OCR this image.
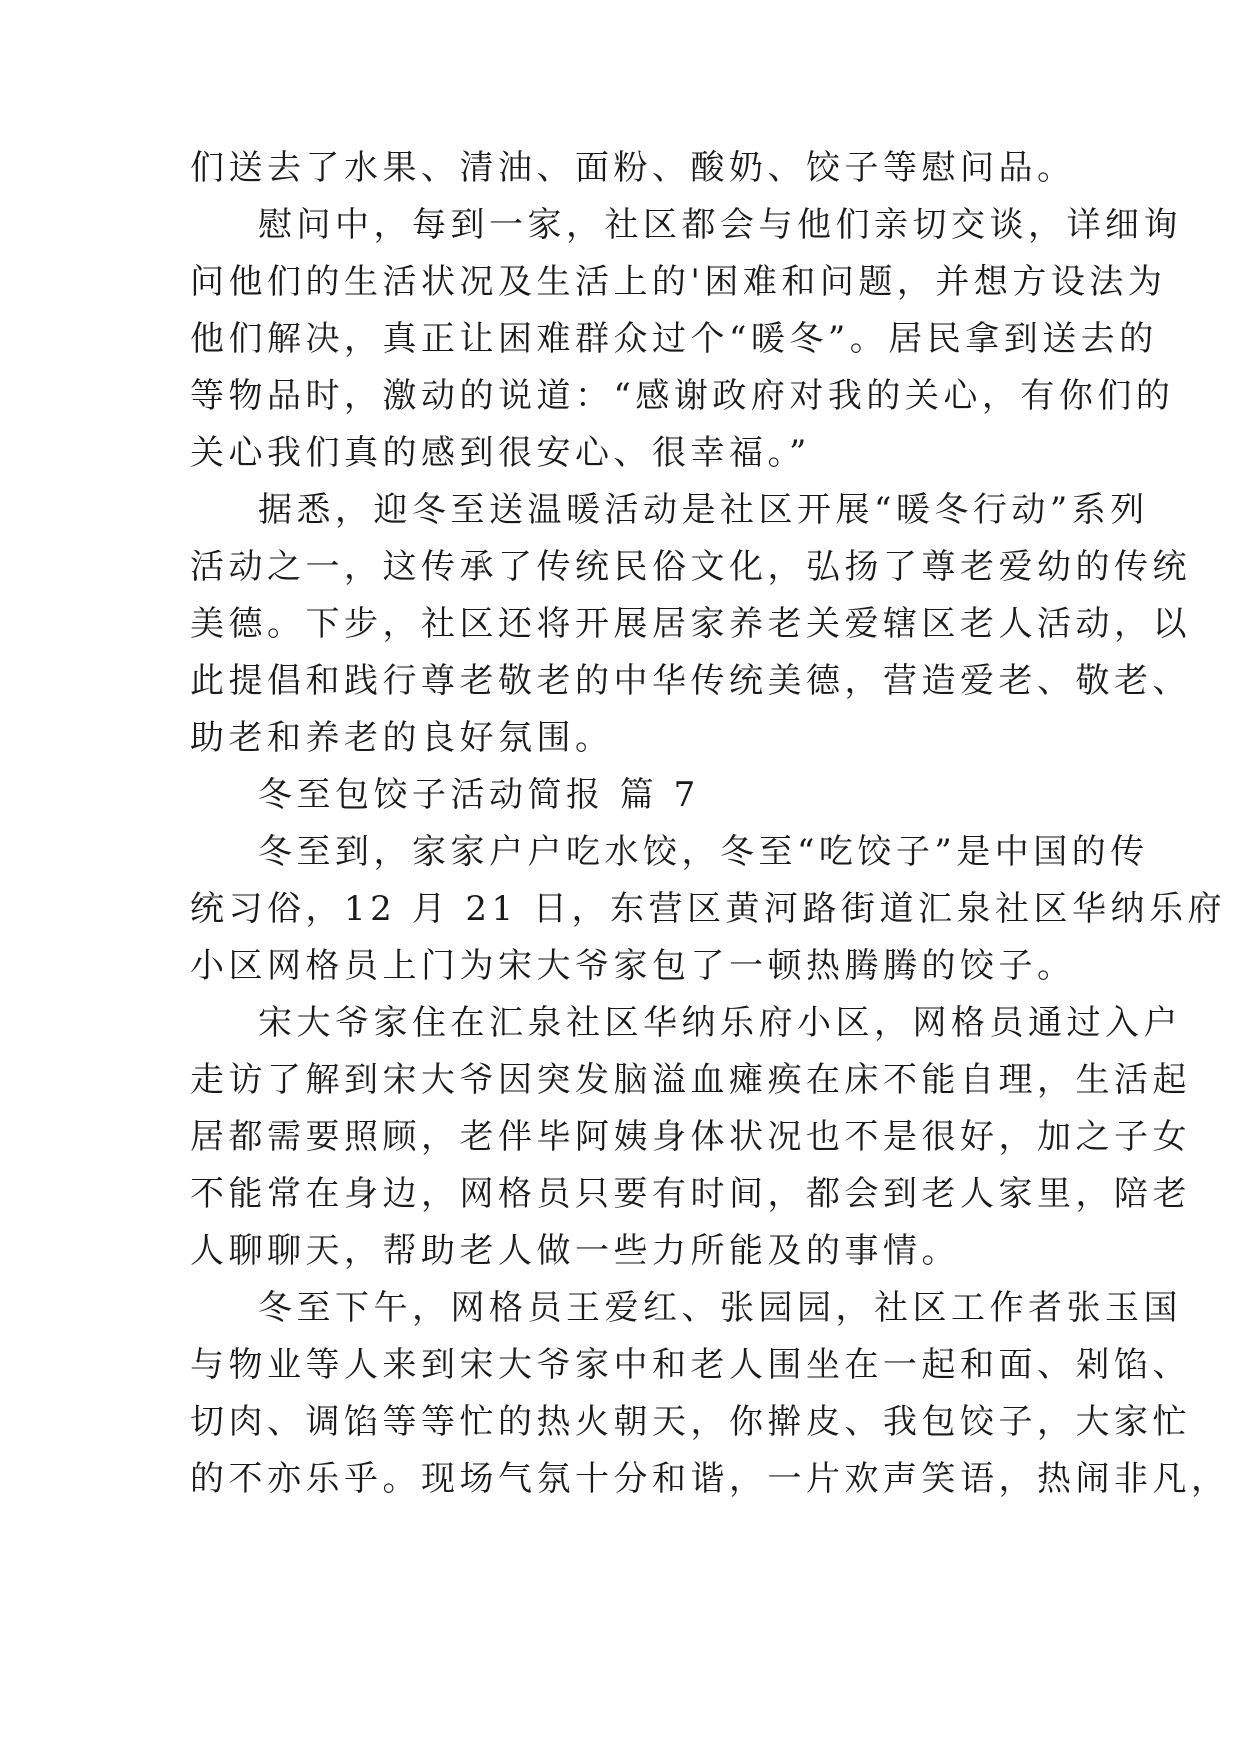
们送去了水果、清油、面粉、酸奶、饺子等慰问品。
慰问中，每到一家，社区都会与他们亲切交谈，详细询
问他们的生活状况及生活上的'困难和问题，并想方设法为
他们解决，真正让困难群众过个“暖冬”。居民拿到送去的
等物品时，激动的说道：“感谢政府对我的关心，有你们的
关心我们真的感到很安心、很幸福。”
据悉，迎冬至送温暖活动是社区开展“暖冬行动”系列
活动之一，这传承了传统民俗文化，弘扬了尊老爱幼的传统
美德。下步，社区还将开展居家养老关爱辖区老人活动，以
此提倡和践行尊老敬老的中华传统美德，营造爱老、敬老、
助老和养老的良好氛围。
冬至包饺子活动简报 篇 7
冬至到，家家户户吃水饺，冬至“吃饺子”是中国的传
统习俗，12 月 21 日，东营区黄河路街道汇泉社区华纳乐府
小区网格员上门为宋大爷家包了一顿热腾腾的饺子。
宋大爷家住在汇泉社区华纳乐府小区，网格员通过入户
走访了解到宋大爷因突发脑溢血瘫痪在床不能自理，生活起
居都需要照顾，老伴毕阿姨身体状况也不是很好，加之子女
不能常在身边，网格员只要有时间，都会到老人家里，陪老
人聊聊天，帮助老人做一些力所能及的事情。
冬至下午，网格员王爱红、张园园，社区工作者张玉国
与物业等人来到宋大爷家中和老人围坐在一起和面、剁馅、
切肉、调馅等等忙的热火朝天，你擀皮、我包饺子，大家忙
的不亦乐乎。现场气氛十分和谐，一片欢声笑语，热闹非凡，
